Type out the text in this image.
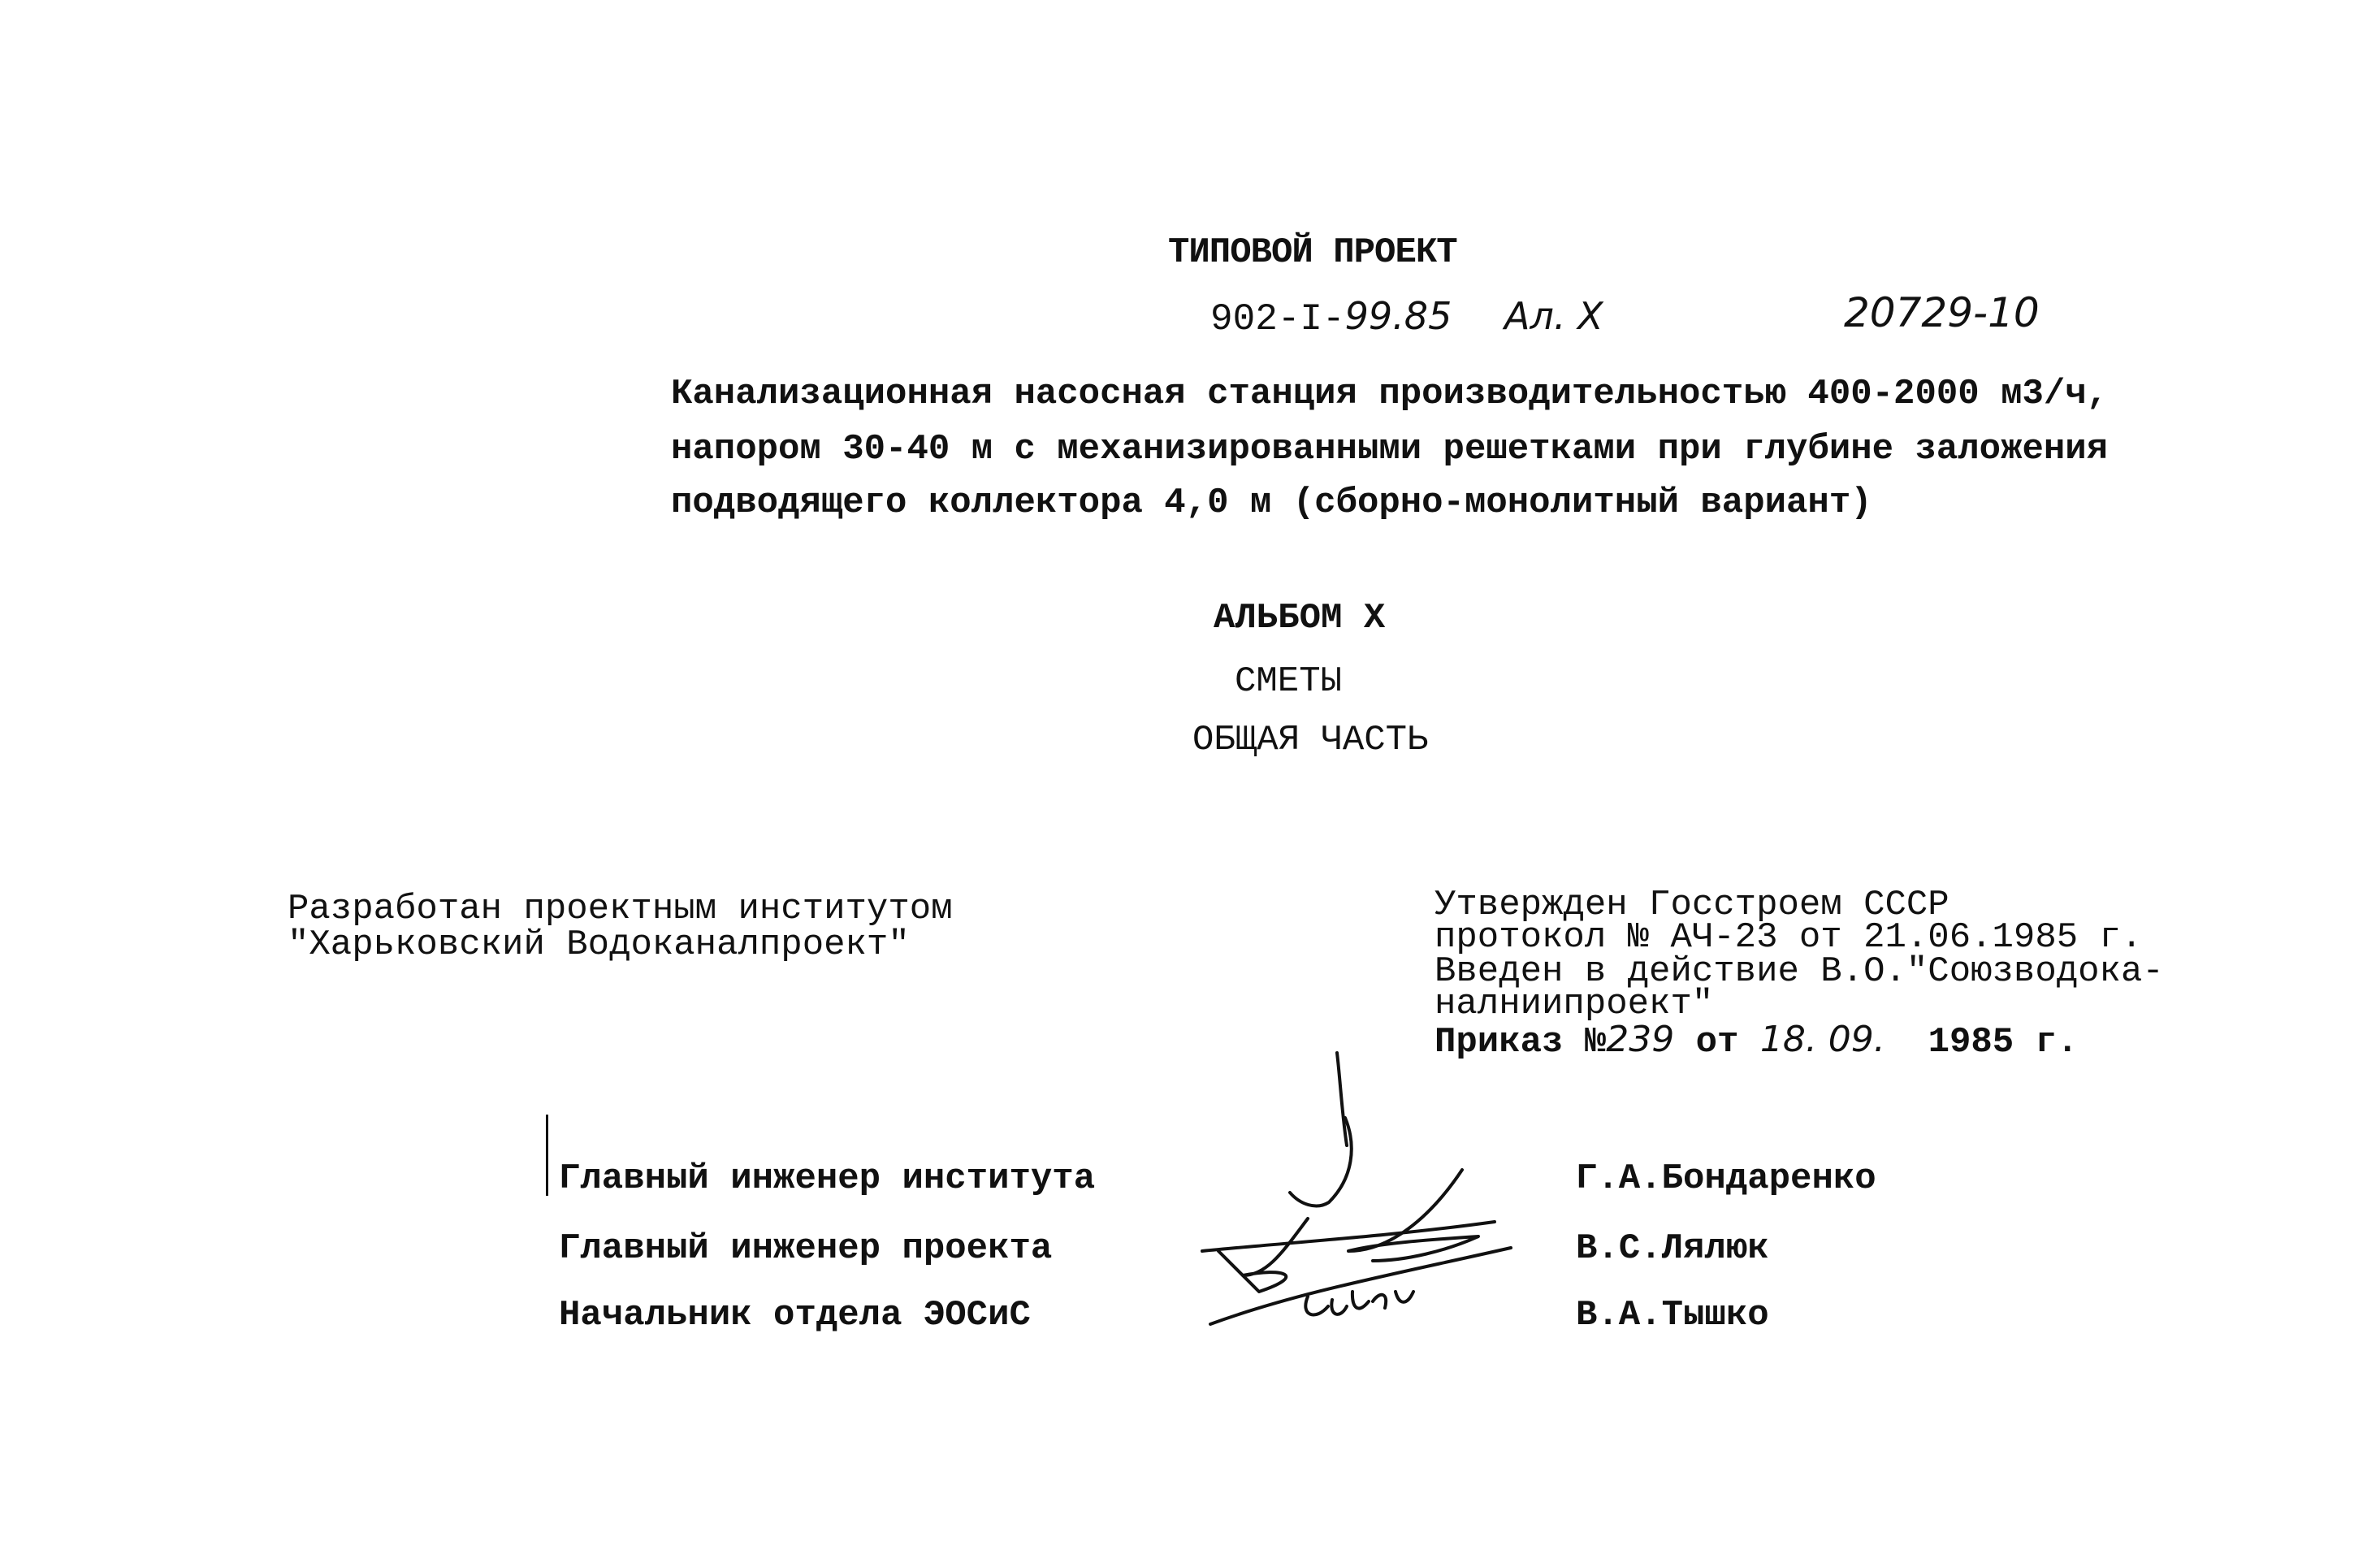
ТИПОВОЙ ПРОЕКТ
902-I-99.85 Ал. X	20729-10
Канализационная насосная станция производительностью 400-2000 м3/ч,
напором 30-40 м с механизированными решетками при глубине заложения
подводящего коллектора 4,0 м (сборно-монолитный вариант)
АЛЬБОМ X
СМЕТЫ
ОБЩАЯ ЧАСТЬ
Разработан проектным институтом
"Харьковский Водоканалпроект"
Утвержден Госстроем СССР
протокол № АЧ-23 от 21.06.1985 г.
Введен в действие В.О."Союзводока-
налниипроект"
Приказ №239 от 18. 09. 1985 г.
Главный инженер института
Главный инженер проекта
Начальник отдела ЭОСиС
Г.А.Бондаренко
В.С.Лялюк
В.А.Тышко
